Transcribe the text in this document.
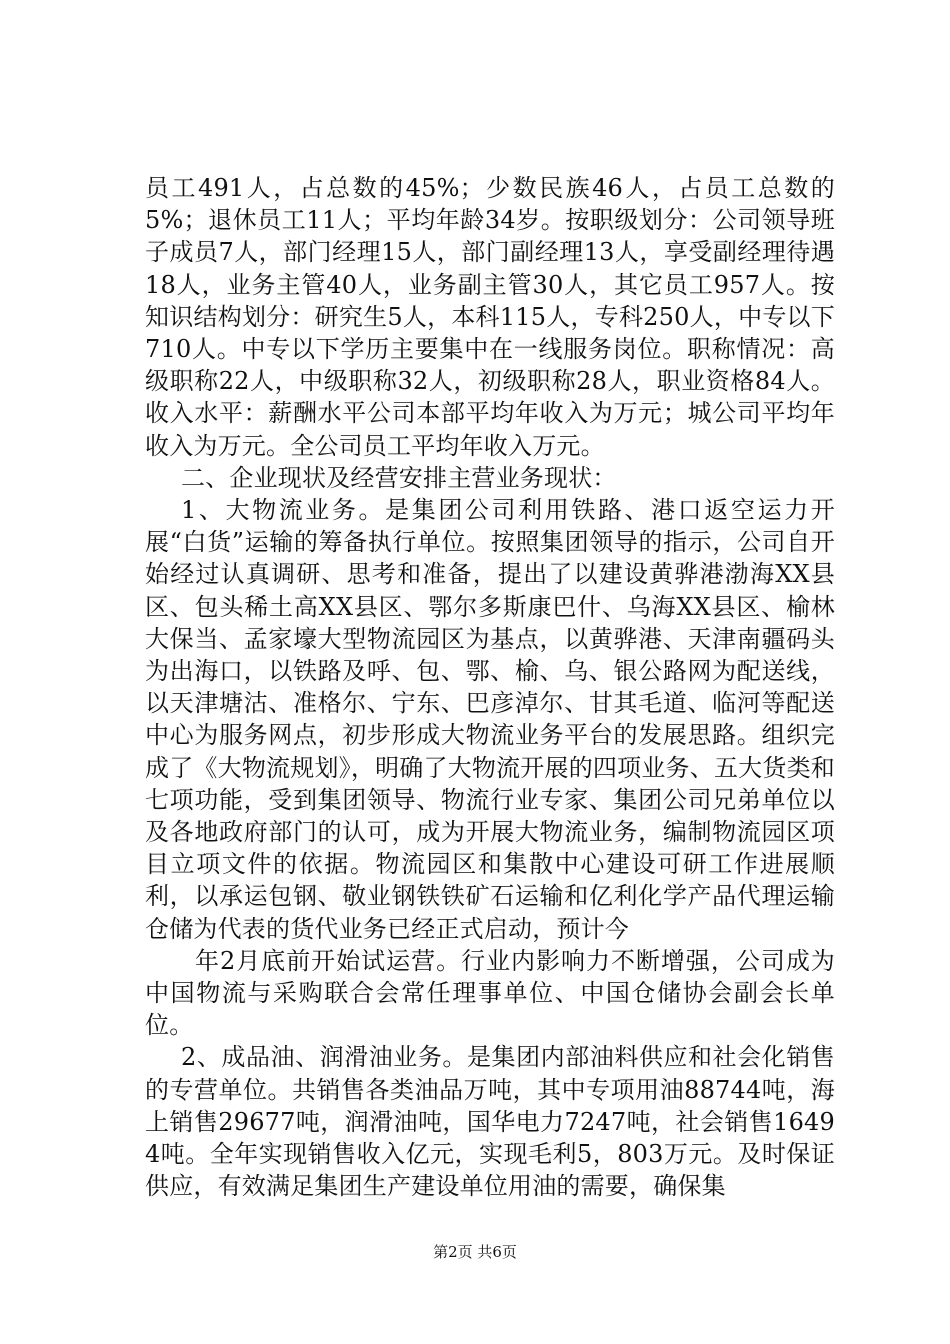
员工491人，占总数的45%；少数民族46人，占员工总数的5%；退休员工11人；平均年龄34岁。按职级划分：公司领导班子成员7人，部门经理15人，部门副经理13人，享受副经理待遇18人，业务主管40人，业务副主管30人，其它员工957人。按知识结构划分：研究生5人，本科115人，专科250人，中专以下710人。中专以下学历主要集中在一线服务岗位。职称情况：高级职称22人，中级职称32人，初级职称28人，职业资格84人。收入水平：薪酬水平公司本部平均年收入为万元；城公司平均年收入为万元。全公司员工平均年收入万元。

二、企业现状及经营安排主营业务现状：

1、大物流业务。是集团公司利用铁路、港口返空运力开展“白货”运输的筹备执行单位。按照集团领导的指示，公司自开始经过认真调研、思考和准备，提出了以建设黄骅港渤海XX县区、包头稀土高XX县区、鄂尔多斯康巴什、乌海XX县区、榆林大保当、孟家壕大型物流园区为基点，以黄骅港、天津南疆码头为出海口，以铁路及呼、包、鄂、榆、乌、银公路网为配送线，以天津塘沽、准格尔、宁东、巴彦淖尔、甘其毛道、临河等配送中心为服务网点，初步形成大物流业务平台的发展思路。组织完成了《大物流规划》，明确了大物流开展的四项业务、五大货类和七项功能，受到集团领导、物流行业专家、集团公司兄弟单位以及各地政府部门的认可，成为开展大物流业务，编制物流园区项目立项文件的依据。物流园区和集散中心建设可研工作进展顺利，以承运包钢、敬业钢铁铁矿石运输和亿利化学产品代理运输仓储为代表的货代业务已经正式启动，预计今

年2月底前开始试运营。行业内影响力不断增强，公司成为中国物流与采购联合会常任理事单位、中国仓储协会副会长单位。

2、成品油、润滑油业务。是集团内部油料供应和社会化销售的专营单位。共销售各类油品万吨，其中专项用油88744吨，海上销售29677吨，润滑油吨，国华电力7247吨，社会销售16494吨。全年实现销售收入亿元，实现毛利5，803万元。及时保证供应，有效满足集团生产建设单位用油的需要，确保集

第2页 共6页
